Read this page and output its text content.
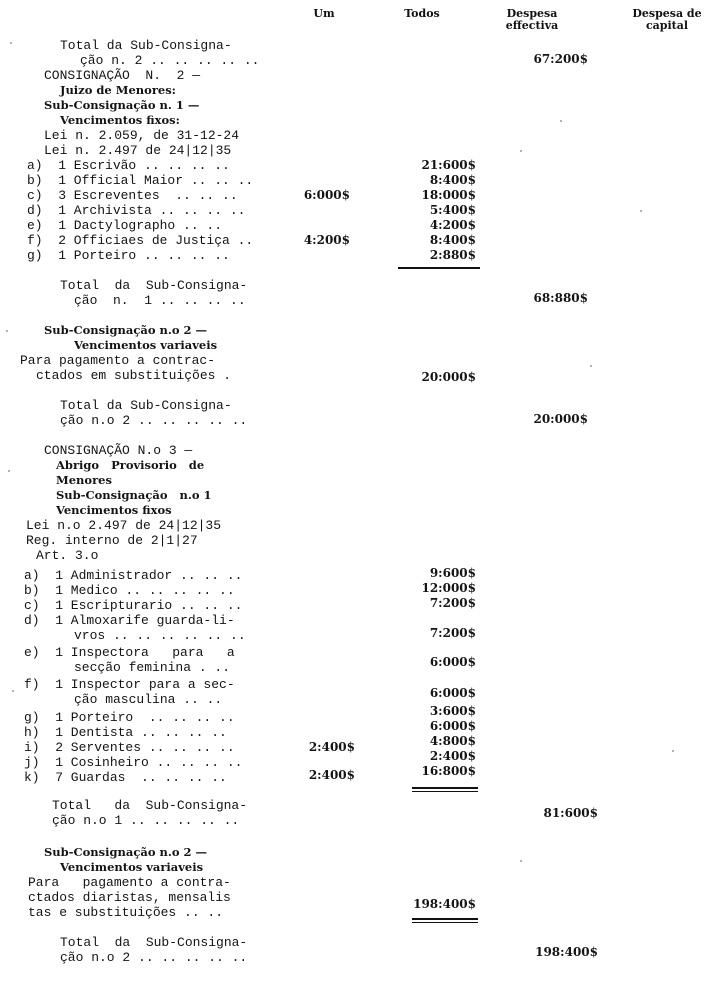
Um	Todos	Despesa
effectiva
Despesa de
capital
Total da Sub-Consigna-
ção n. 2 .. .. .. .. ..
CONSIGNAÇÃO  N.  2 —
Juizo de Menores:
Sub-Consignação n. 1 —
Vencimentos fixos:
Lei n. 2.059, de 31-12-24
Lei n. 2.497 de 24|12|35
a)  1 Escrivão .. .. .. ..
b)  1 Official Maior .. .. ..
c)  3 Escreventes  .. .. ..
d)  1 Archivista .. .. .. ..
e)  1 Dactylographo .. ..
f)  2 Officiaes de Justiça ..
g)  1 Porteiro .. .. .. ..
Total  da  Sub-Consigna-
ção  n.  1 .. .. .. ..
Sub-Consignação n.o 2 —
Vencimentos variaveis
Para pagamento a contrac-
ctados em substituições .
Total da Sub-Consigna-
ção n.o 2 .. .. .. .. ..
CONSIGNAÇÃO N.o 3 —
Abrigo   Provisorio   de
Menores
Sub-Consignação   n.o 1
Vencimentos fixos
Lei n.o 2.497 de 24|12|35
Reg. interno de 2|1|27
Art. 3.o
a)  1 Administrador .. .. ..
b)  1 Medico .. .. .. .. ..
c)  1 Escripturario .. .. ..
d)  1 Almoxarife guarda-li-
vros .. .. .. .. .. ..
e)  1 Inspectora   para   a
secção feminina . ..
f)  1 Inspector para a sec-
ção masculina .. ..
g)  1 Porteiro  .. .. .. ..
h)  1 Dentista .. .. .. ..
i)  2 Serventes .. .. .. ..
j)  1 Cosinheiro .. .. .. ..
k)  7 Guardas  .. .. .. ..
Total   da  Sub-Consigna-
ção n.o 1 .. .. .. .. ..
Sub-Consignação n.o 2 —
Vencimentos variaveis
Para   pagamento a contra-
ctados diaristas, mensalis
tas e substituições .. ..
Total  da  Sub-Consigna-
ção n.o 2 .. .. .. .. ..
6:000$
4:200$
2:400$
2:400$
21:600$
8:400$
18:000$
5:400$
4:200$
8:400$
2:880$
20:000$
9:600$
12:000$
7:200$
7:200$
6:000$
6:000$
3:600$
6:000$
4:800$
2:400$
16:800$
198:400$
67:200$
68:880$
20:000$
81:600$
198:400$
